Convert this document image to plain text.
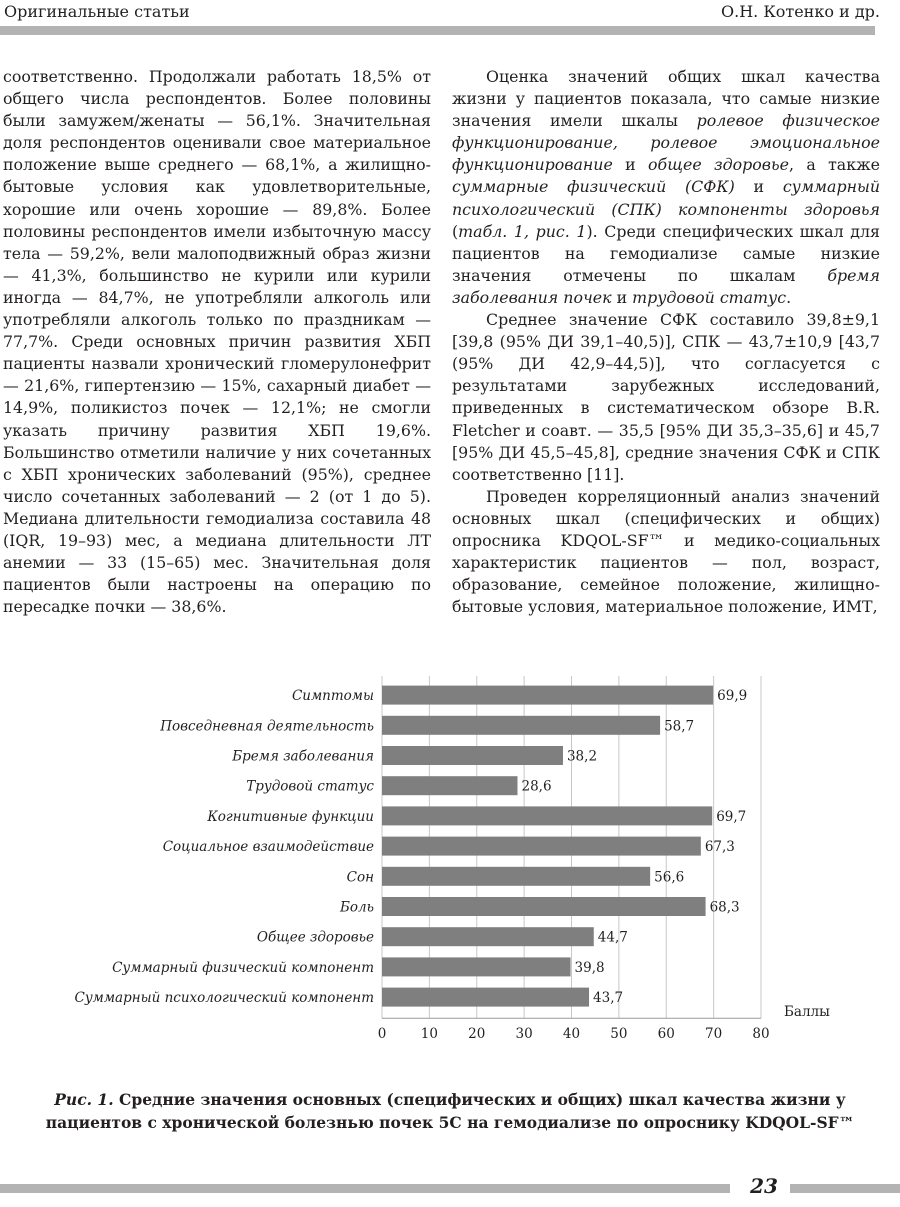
Оригинальные статьи	О.Н. Котенко и др.

соответственно. Продолжали работать 18,5% от общего числа респондентов. Более половины были замужем/женаты — 56,1%. Значительная доля респондентов оценивали свое материальное положение выше среднего — 68,1%, а жилищно-бытовые условия как удовлетворительные, хорошие или очень хорошие — 89,8%. Более половины респондентов имели избыточную массу тела — 59,2%, вели малоподвижный образ жизни — 41,3%, большинство не курили или курили иногда — 84,7%, не употребляли алкоголь или употребляли алкоголь только по праздникам — 77,7%. Среди основных причин развития ХБП пациенты назвали хронический гломерулонефрит — 21,6%, гипертензию — 15%, сахарный диабет — 14,9%, поликистоз почек — 12,1%; не смогли указать причину развития ХБП 19,6%. Большинство отметили наличие у них сочетанных с ХБП хронических заболеваний (95%), среднее число сочетанных заболеваний — 2 (от 1 до 5). Медиана длительности гемодиализа составила 48 (IQR, 19–93) мес, а медиана длительности ЛТ анемии — 33 (15–65) мес. Значительная доля пациентов были настроены на операцию по пересадке почки — 38,6%.

Оценка значений общих шкал качества жизни у пациентов показала, что самые низкие значения имели шкалы ролевое физическое функционирование, ролевое эмоциональное функционирование и общее здоровье, а также суммарные физический (СФК) и суммарный психологический (СПК) компоненты здоровья (табл. 1, рис. 1). Среди специфических шкал для пациентов на гемодиализе самые низкие значения отмечены по шкалам бремя заболевания почек и трудовой статус.

Среднее значение СФК составило 39,8±9,1 [39,8 (95% ДИ 39,1–40,5)], СПК — 43,7±10,9 [43,7 (95% ДИ 42,9–44,5)], что согласуется с результатами зарубежных исследований, приведенных в систематическом обзоре B.R. Fletcher и соавт. — 35,5 [95% ДИ 35,3–35,6] и 45,7 [95% ДИ 45,5–45,8], средние значения СФК и СПК соответственно [11].

Проведен корреляционный анализ значений основных шкал (специфических и общих) опросника KDQOL-SF™ и медико-социальных характеристик пациентов — пол, возраст, образование, семейное положение, жилищно-бытовые условия, материальное положение, ИМТ,

Симптомы	69,9
Повседневная деятельность	58,7
Бремя заболевания	38,2
Трудовой статус	28,6
Когнитивные функции	69,7
Социальное взаимодействие	67,3
Сон	56,6
Боль	68,3
Общее здоровье	44,7
Суммарный физический компонент	39,8
Суммарный психологический компонент	43,7
0	10 20 30 40 50 60 70 80
Баллы
Рис. 1. Средние значения основных (специфических и общих) шкал качества жизни у пациентов с хронической болезнью почек 5С на гемодиализе по опроснику KDQOL-SF™
23
